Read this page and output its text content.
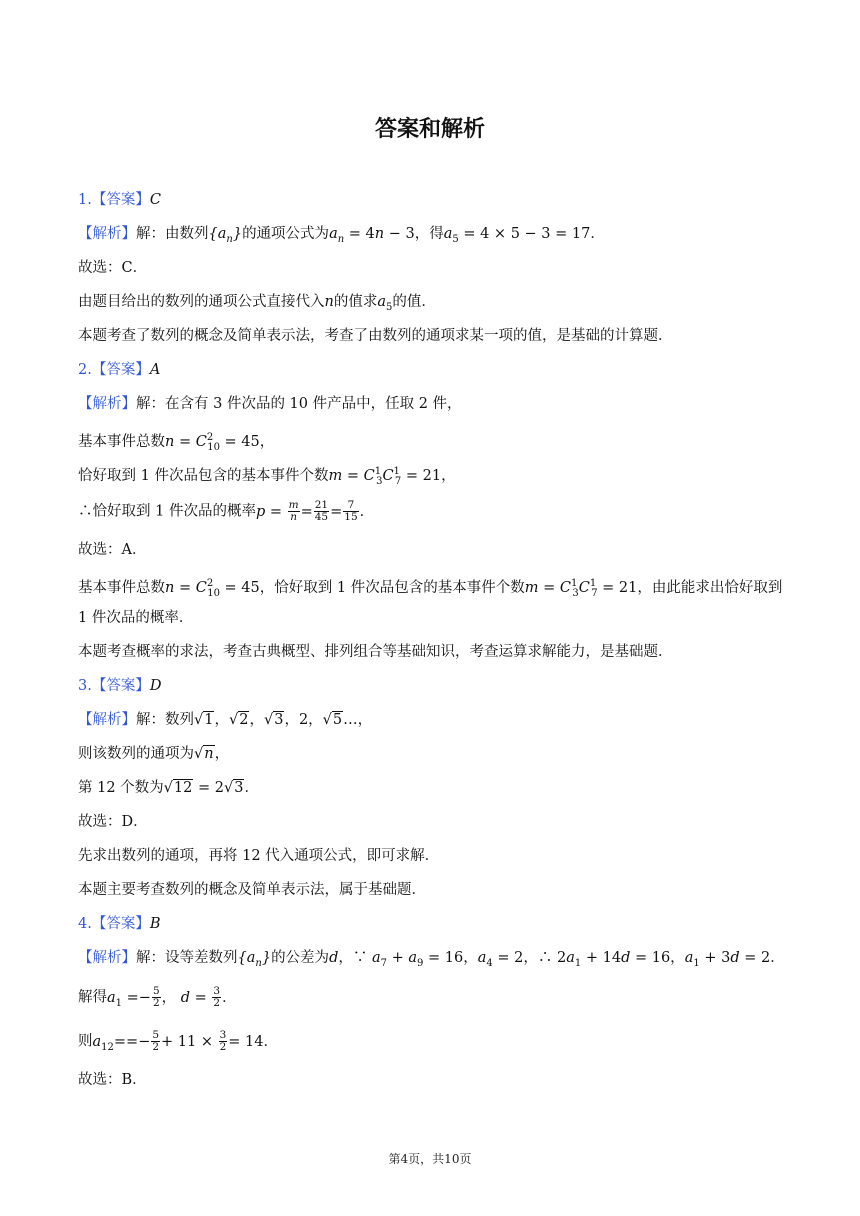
答案和解析
1.【答案】C
【解析】解：由数列$\{a_n\}$的通项公式为$a_n = 4n - 3$，得$a_5 = 4 \times 5 - 3 = 17$．
故选：C．
由题目给出的数列的通项公式直接代入n的值求$a_5$的值．
本题考查了数列的概念及简单表示法，考查了由数列的通项求某一项的值，是基础的计算题．
2.【答案】A
【解析】解：在含有 3 件次品的 10 件产品中，任取 2 件，
基本事件总数$n = C^2_{10} = 45$，
恰好取到 1 件次品包含的基本事件个数$m = C^1_3C^1_7 = 21$，
∴恰好取到 1 件次品的概率$p = \frac{m}{n} = \frac{21}{45} = \frac{7}{15}$ ．
故选：A．
基本事件总数$n = C^2_{10} = 45$，恰好取到 1 件次品包含的基本事件个数$m = C^1_3C^1_7 = 21$，由此能求出恰好取到
1 件次品的概率．
本题考查概率的求法，考查古典概型、排列组合等基础知识，考查运算求解能力，是基础题．
3.【答案】D
【解析】解：数列√1，√2，√3，2，√5…，
则该数列的通项为√n，
第 12 个数为√12 = 2√3．
故选：D．
先求出数列的通项，再将 12 代入通项公式，即可求解．
本题主要考查数列的概念及简单表示法，属于基础题．
4.【答案】B
【解析】解：设等差数列$\{a_n\}$的公差为d，∵ $a_7 + a_9 = 16$，$a_4 = 2$，∴ $2a_1 + 14d = 16$，$a_1 + 3d = 2$．
解得$a_1 =- \frac{5}{2}$ ， $d = \frac{3}{2}$ ．
则$a_{12}==- \frac{5}{2} + 11 \times \frac{3}{2} = 14$．
故选：B．
第4页，共10页
